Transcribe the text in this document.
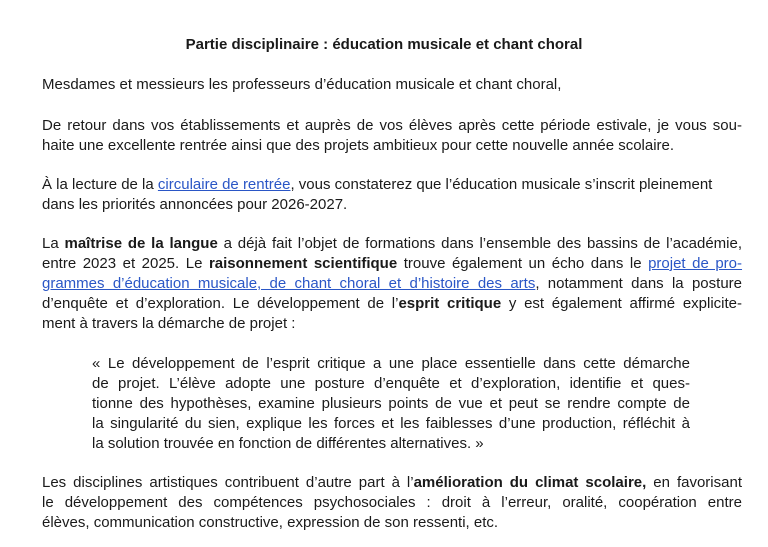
Partie disciplinaire : éducation musicale et chant choral
Mesdames et messieurs les professeurs d’éducation musicale et chant choral,
De retour dans vos établissements et auprès de vos élèves après cette période estivale, je vous sou-
haite une excellente rentrée ainsi que des projets ambitieux pour cette nouvelle année scolaire.
À la lecture de la circulaire de rentrée, vous constaterez que l’éducation musicale s’inscrit pleinement
dans les priorités annoncées pour 2026-2027.
La maîtrise de la langue a déjà fait l’objet de formations dans l’ensemble des bassins de l’académie,
entre 2023 et 2025. Le raisonnement scientifique trouve également un écho dans le projet de pro-
grammes d’éducation musicale, de chant choral et d’histoire des arts, notamment dans la posture
d’enquête et d’exploration. Le développement de l’esprit critique y est également affirmé explicite-
ment à travers la démarche de projet :
« Le développement de l’esprit critique a une place essentielle dans cette démarche
de projet. L’élève adopte une posture d’enquête et d’exploration, identifie et ques-
tionne des hypothèses, examine plusieurs points de vue et peut se rendre compte de
la singularité du sien, explique les forces et les faiblesses d’une production, réfléchit à
la solution trouvée en fonction de différentes alternatives. »
Les disciplines artistiques contribuent d’autre part à l’amélioration du climat scolaire, en favorisant
le développement des compétences psychosociales : droit à l’erreur, oralité, coopération entre
élèves, communication constructive, expression de son ressenti, etc.
